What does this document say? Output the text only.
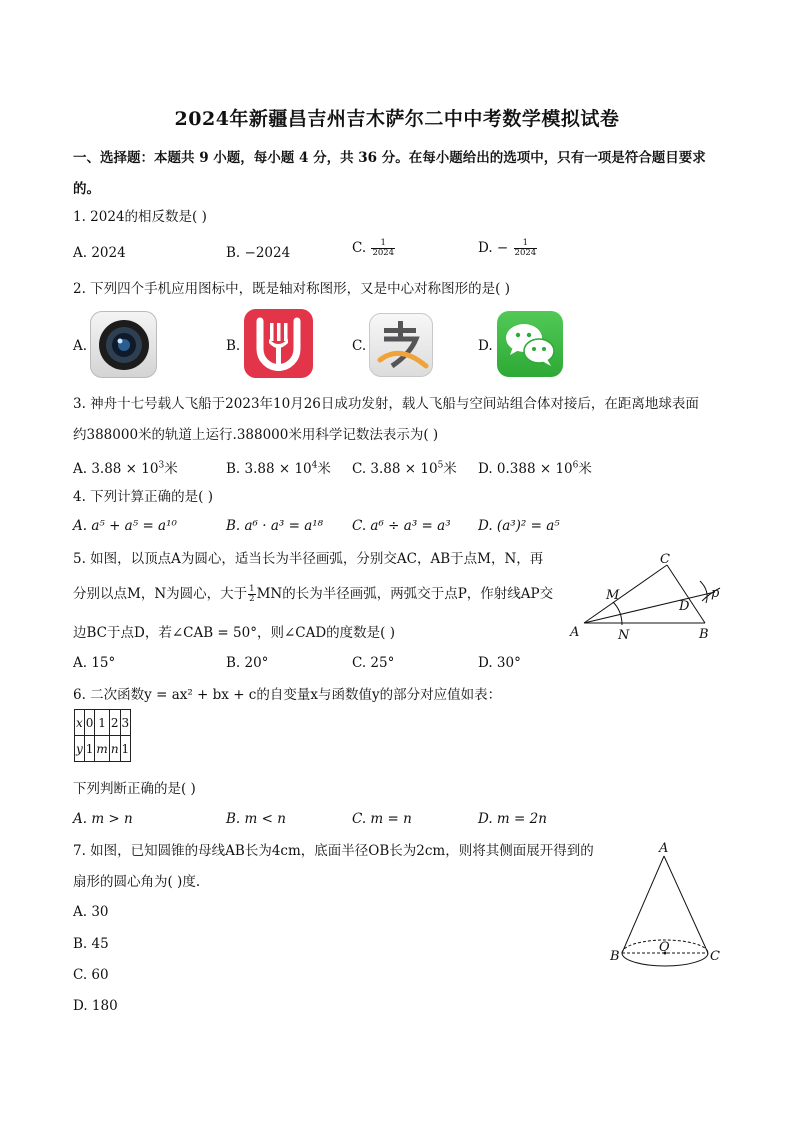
2024年新疆昌吉州吉木萨尔二中中考数学模拟试卷
一、选择题：本题共 9 小题，每小题 4 分，共 36 分。在每小题给出的选项中，只有一项是符合题目要求
的。
1. 2024的相反数是( )
A. 2024	B. −2024	C. $\frac{1}{2024}$	D. − $\frac{1}{2024}$
2. 下列四个手机应用图标中，既是轴对称图形，又是中心对称图形的是( )
A.	B.	C.	D.
3. 神舟十七号载人飞船于2023年10月26日成功发射，载人飞船与空间站组合体对接后，在距离地球表面
约388000米的轨道上运行.388000米用科学记数法表示为( )
A. $3.88 \times 10^3$米	B. $3.88 \times 10^4$米 C. $3.88 \times 10^5$米 D. $0.388 \times 10^6$米
4. 下列计算正确的是( )
A. a⁵ + a⁵ = a¹⁰	B. a⁶ · a³ = a¹⁸ C. a⁶ ÷ a³ = a³ D. (a³)² = a⁵
5. 如图，以顶点A为圆心，适当长为半径画弧，分别交AC，AB于点M，N，再
分别以点M，N为圆心，大于 $\frac{1}{2}$ MN的长为半径画弧，两弧交于点P，作射线AP交
边BC于点D，若∠CAB = 50°，则∠CAD的度数是( )
A. 15°	B. 20°	C. 25°	D. 30°
C
M
D
p
A	N	B
6. 二次函数y = ax² + bx + c的自变量x与函数值y的部分对应值如表：
x	0	1	2	3
y	1	m	n	1
下列判断正确的是( )
A. m > n	B. m < n	C. m = n	D. m = 2n
7. 如图，已知圆锥的母线AB长为4cm，底面半径OB长为2cm，则将其侧面展开得到的
扇形的圆心角为( )度.
A. 30
B. 45
C. 60
D. 180
A
B
O
C
